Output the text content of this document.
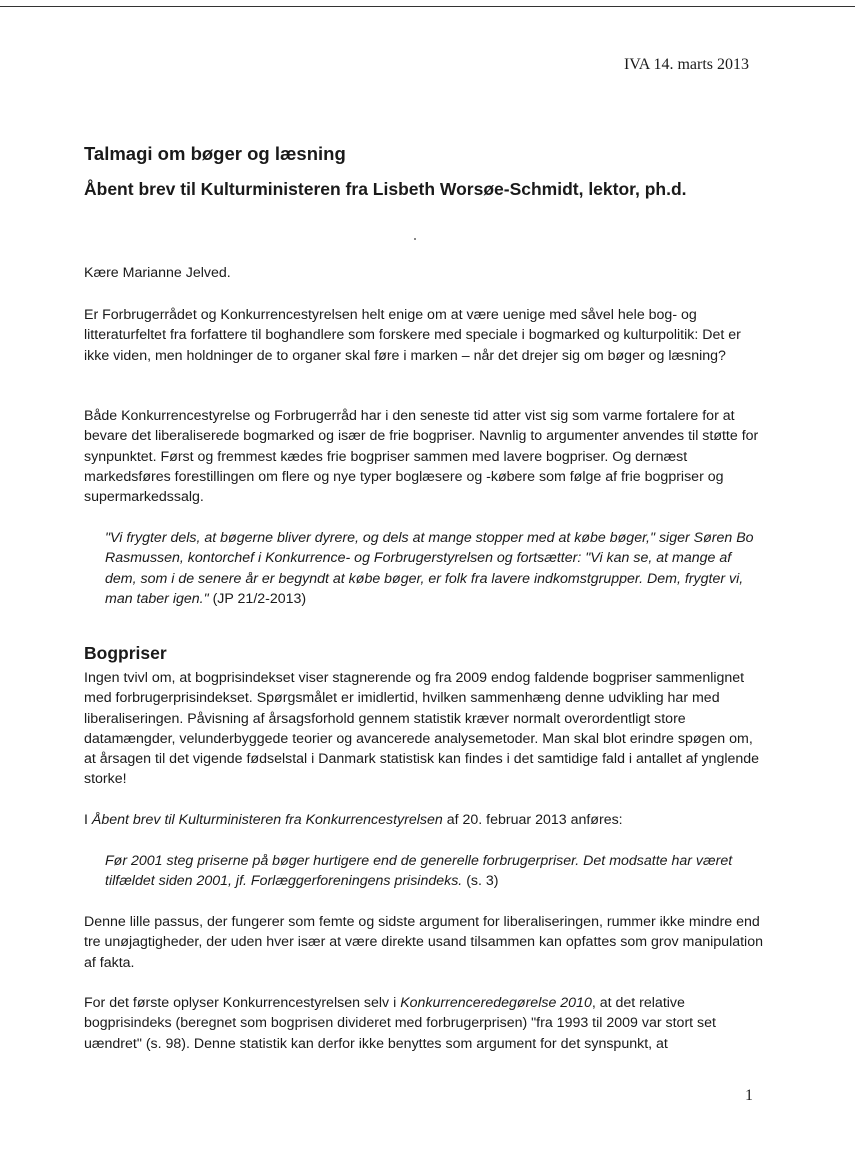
IVA 14. marts 2013
Talmagi om bøger og læsning
Åbent brev til Kulturministeren fra Lisbeth Worsøe-Schmidt, lektor, ph.d.

Kære Marianne Jelved.

Er Forbrugerrådet og Konkurrencestyrelsen helt enige om at være uenige med såvel hele bog- og litteraturfeltet fra forfattere til boghandlere som forskere med speciale i bogmarked og kulturpolitik: Det er ikke viden, men holdninger de to organer skal føre i marken – når det drejer sig om bøger og læsning?

Både Konkurrencestyrelse og Forbrugerråd har i den seneste tid atter vist sig som varme fortalere for at bevare det liberaliserede bogmarked og især de frie bogpriser. Navnlig to argumenter anvendes til støtte for synpunktet. Først og fremmest kædes frie bogpriser sammen med lavere bogpriser. Og dernæst markedsføres forestillingen om flere og nye typer boglæsere og -købere som følge af frie bogpriser og supermarkedssalg.

"Vi frygter dels, at bøgerne bliver dyrere, og dels at mange stopper med at købe bøger," siger Søren Bo Rasmussen, kontorchef i Konkurrence- og Forbrugerstyrelsen og fortsætter: "Vi kan se, at mange af dem, som i de senere år er begyndt at købe bøger, er folk fra lavere indkomstgrupper. Dem, frygter vi, man taber igen." (JP 21/2-2013)

Bogpriser

Ingen tvivl om, at bogprisindekset viser stagnerende og fra 2009 endog faldende bogpriser sammenlignet med forbrugerprisindekset. Spørgsmålet er imidlertid, hvilken sammenhæng denne udvikling har med liberaliseringen. Påvisning af årsagsforhold gennem statistik kræver normalt overordentligt store datamængder, velunderbyggede teorier og avancerede analysemetoder. Man skal blot erindre spøgen om, at årsagen til det vigende fødselstal i Danmark statistisk kan findes i det samtidige fald i antallet af ynglende storke!

I Åbent brev til Kulturministeren fra Konkurrencestyrelsen af 20. februar 2013 anføres:

Før 2001 steg priserne på bøger hurtigere end de generelle forbrugerpriser. Det modsatte har været tilfældet siden 2001, jf. Forlæggerforeningens prisindeks. (s. 3)

Denne lille passus, der fungerer som femte og sidste argument for liberaliseringen, rummer ikke mindre end tre unøjagtigheder, der uden hver især at være direkte usand tilsammen kan opfattes som grov manipulation af fakta.

For det første oplyser Konkurrencestyrelsen selv i Konkurrenceredegørelse 2010, at det relative bogprisindeks (beregnet som bogprisen divideret med forbrugerprisen) "fra 1993 til 2009 var stort set uændret" (s. 98). Denne statistik kan derfor ikke benyttes som argument for det synspunkt, at

1
